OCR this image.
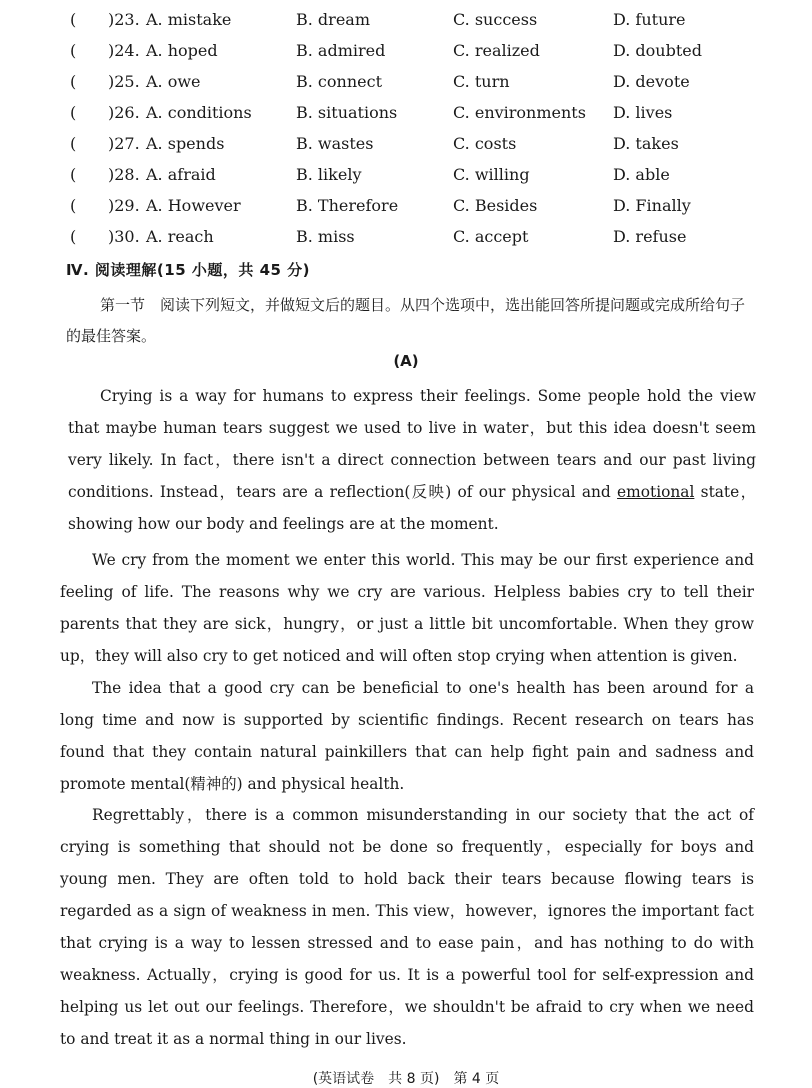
( )23. A. mistake	B. dream	C. success	D. future
( )24. A. hoped	B. admired	C. realized	D. doubted
( )25. A. owe	B. connect	C. turn	D. devote
( )26. A. conditions	B. situations	C. environments D. lives
( )27. A. spends	B. wastes	C. costs	D. takes
( )28. A. afraid	B. likely	C. willing	D. able
( )29. A. However	B. Therefore	C. Besides	D. Finally
( )30. A. reach	B. miss	C. accept	D. refuse
Ⅳ. 阅读理解(15 小题，共 45 分)
第一节　阅读下列短文，并做短文后的题目。从四个选项中，选出能回答所提问题或完成所给句子的最佳答案。
(A)
Crying is a way for humans to express their feelings. Some people hold the view that maybe human tears suggest we used to live in water，but this idea doesn't seem very likely. In fact，there isn't a direct connection between tears and our past living conditions. Instead，tears are a reflection(反映) of our physical and emotional state，showing how our body and feelings are at the moment.
We cry from the moment we enter this world. This may be our first experience and feeling of life. The reasons why we cry are various. Helpless babies cry to tell their parents that they are sick，hungry，or just a little bit uncomfortable. When they grow up，they will also cry to get noticed and will often stop crying when attention is given.
The idea that a good cry can be beneficial to one's health has been around for a long time and now is supported by scientific findings. Recent research on tears has found that they contain natural painkillers that can help fight pain and sadness and promote mental(精神的) and physical health.
Regrettably，there is a common misunderstanding in our society that the act of crying is something that should not be done so frequently，especially for boys and young men. They are often told to hold back their tears because flowing tears is regarded as a sign of weakness in men. This view，however，ignores the important fact that crying is a way to lessen stressed and to ease pain，and has nothing to do with weakness. Actually，crying is good for us. It is a powerful tool for self-expression and helping us let out our feelings. Therefore，we shouldn't be afraid to cry when we need to and treat it as a normal thing in our lives.
(英语试卷　共 8 页)　第 4 页
